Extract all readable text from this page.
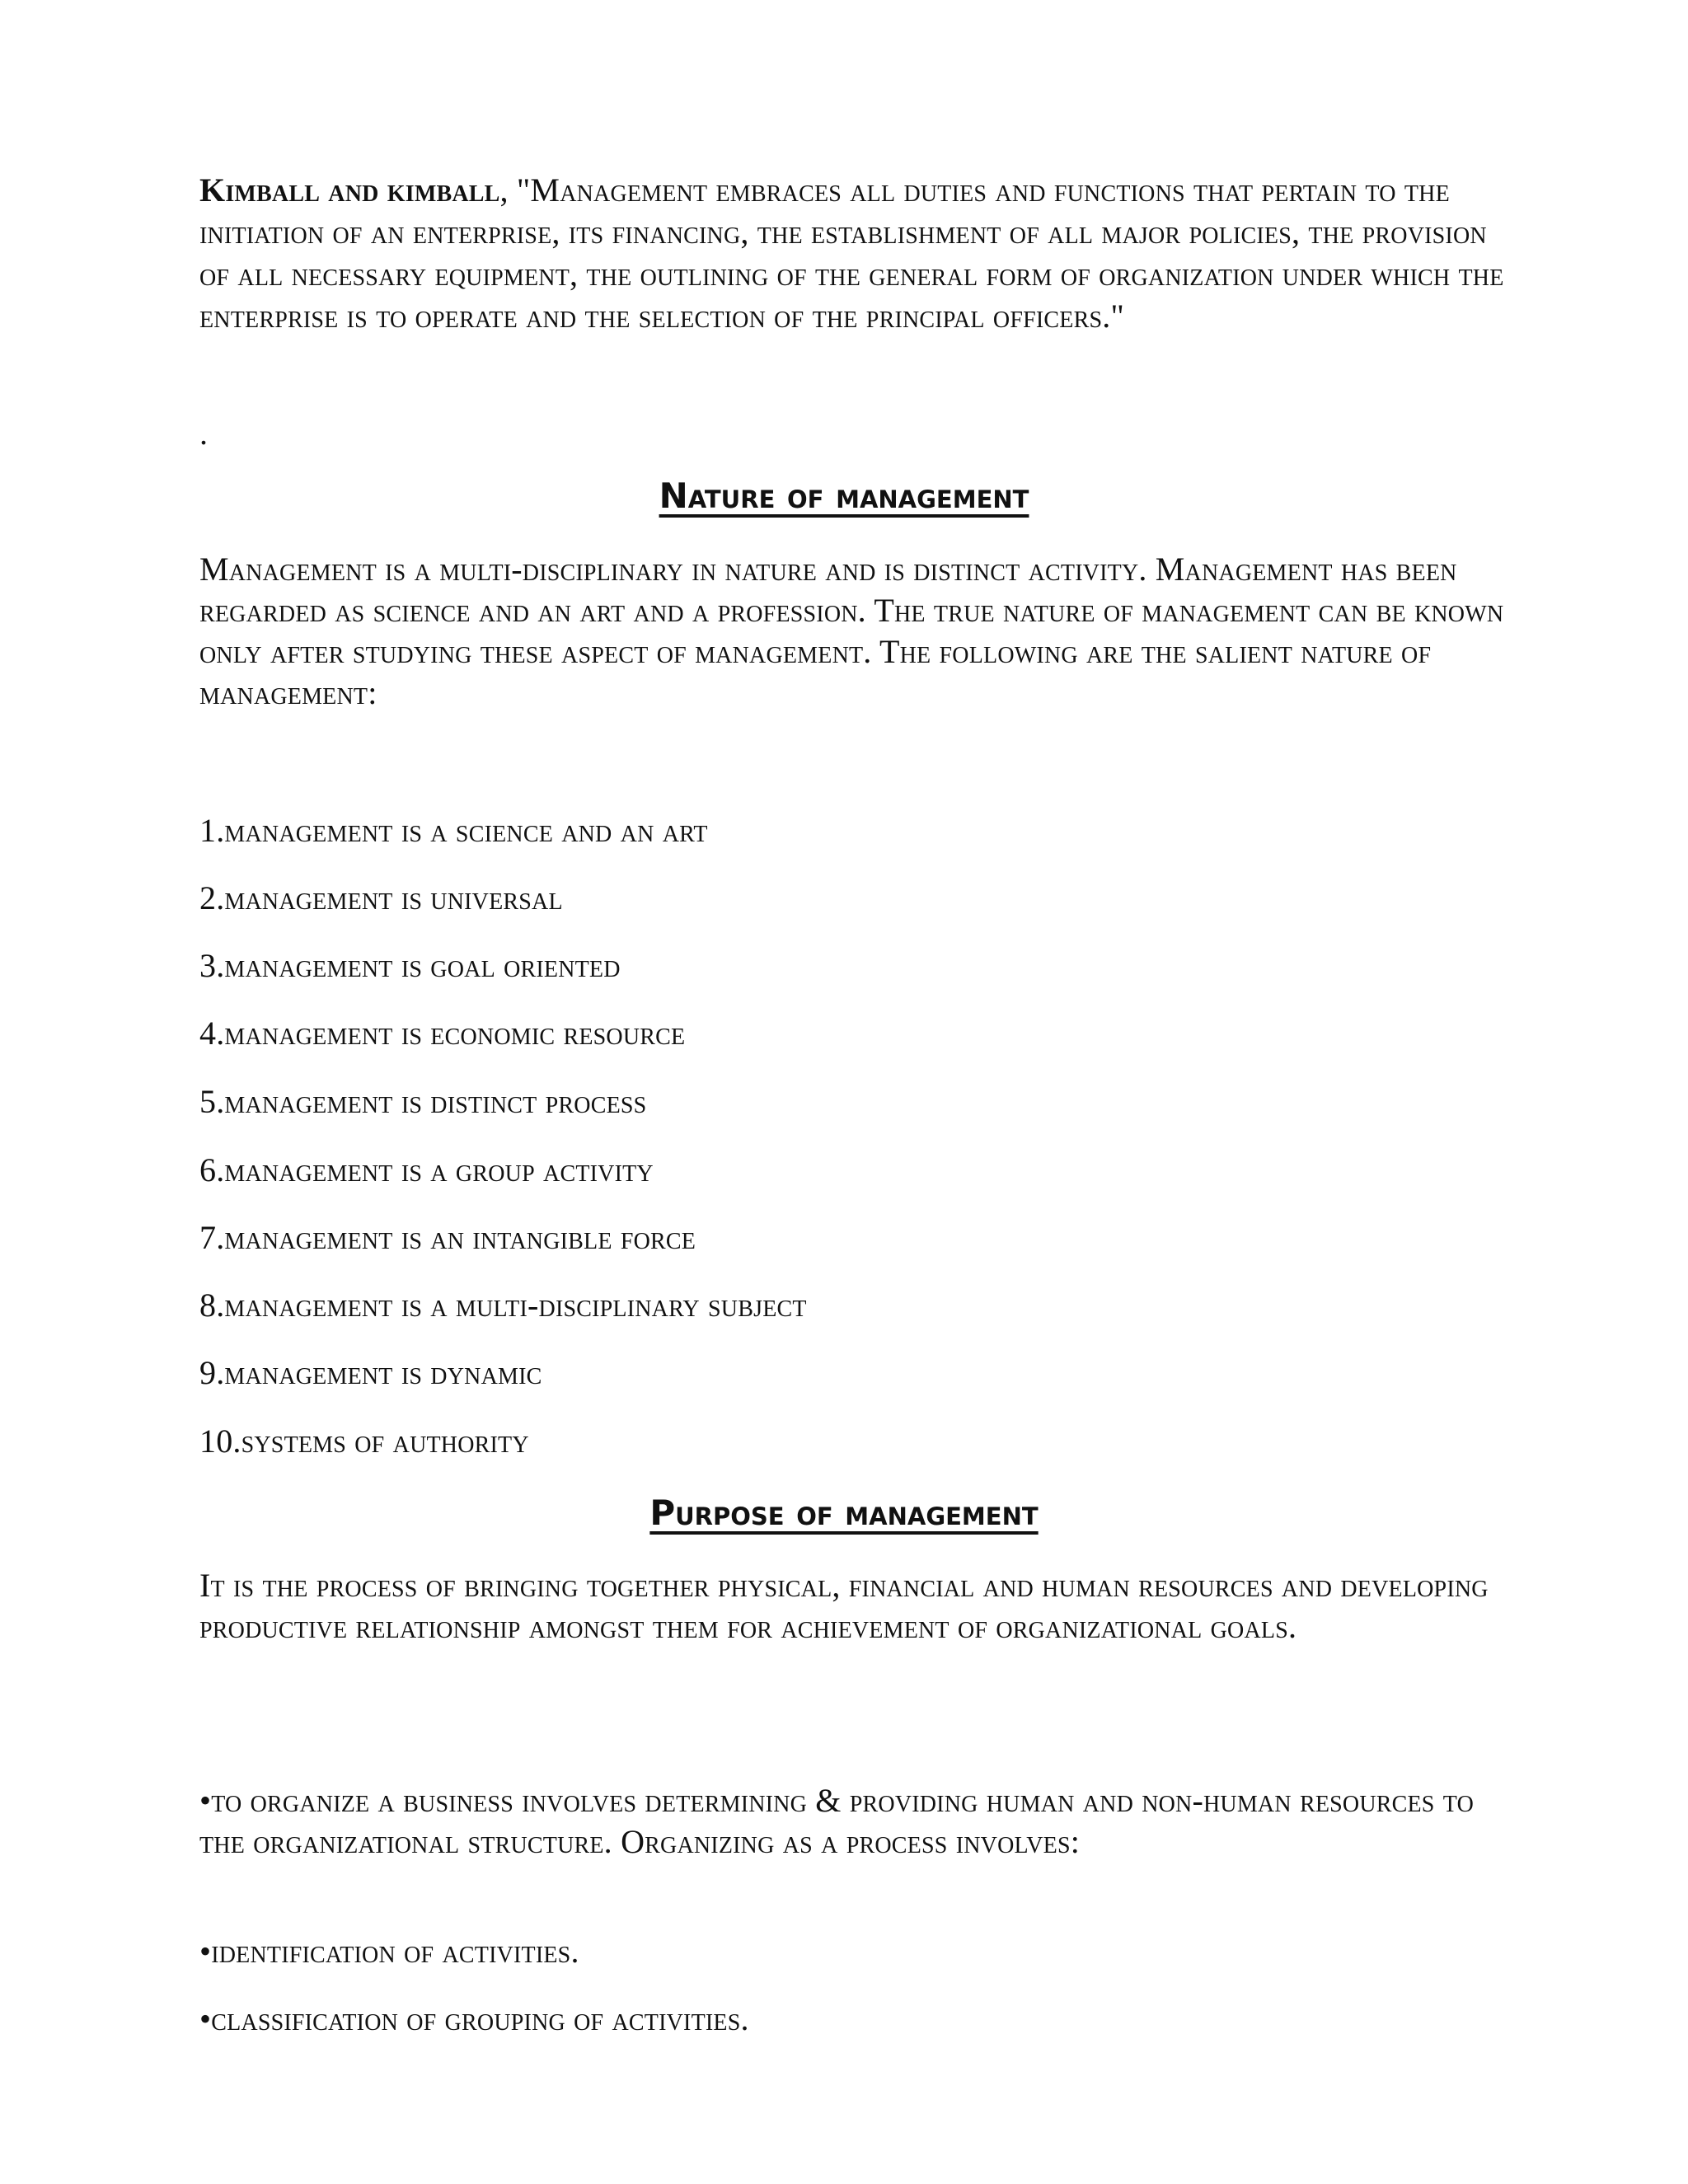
Kimball and kimball, "Management embraces all duties and functions that pertain to the initiation of an enterprise, its financing, the establishment of all major policies, the provision of all necessary equipment, the outlining of the general form of organization under which the enterprise is to operate and the selection of the principal officers."

.

Nature of management

Management is a multi-disciplinary in nature and is distinct activity. Management has been regarded as science and an art and a profession. The true nature of management can be known only after studying these aspect of management. The following are the salient nature of management:

1.management is a science and an art

2.management is universal

3.management is goal oriented

4.management is economic resource

5.management is distinct process

6.management is a group activity

7.management is an intangible force

8.management is a multi-disciplinary subject

9.management is dynamic

10.systems of authority

Purpose of management

It is the process of bringing together physical, financial and human resources and developing productive relationship amongst them for achievement of organizational goals.

•to organize a business involves determining & providing human and non-human resources to the organizational structure. Organizing as a process involves:

•identification of activities.

•classification of grouping of activities.
